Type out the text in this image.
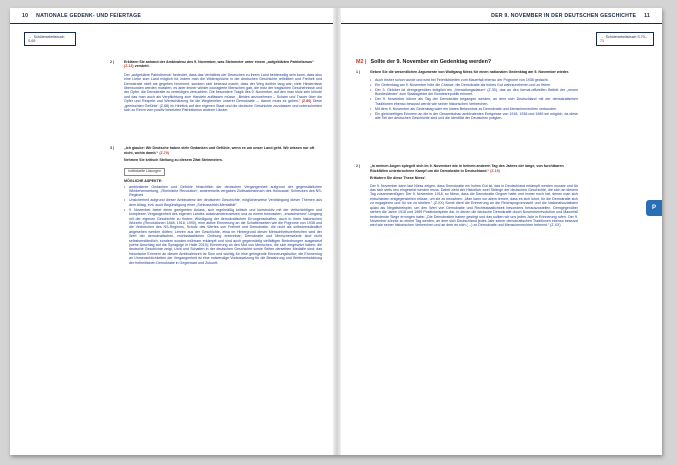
10 NATIONALE GEDENK- UND FEIERTAGE	DER 9. NOVEMBER IN DER DEUTSCHEN GESCHICHTE 11
→ Schülerarbeitsbuch S.69
→ Schülerarbeitsbuch S.70–71
2 |	Erklären Sie anhand der Ambivalenz des 9. November, was Steinmeier unter einem „aufgeklärten Patriotismus“ (Z.13) versteht.
Der „aufgeklärte Patriotismus“ bedeutet, dass das Verhältnis der Deutschen zu ihrem Land beiderseitig sein kann, dass also eine Liebe zum Land möglich ist, indem man die Widersprüche in der deutschen Geschichte reflektiert und Freiheit und Demokratie nicht als gegeben hinnimmt, sondern sich bewusst macht, dass der Weg dorthin lang war; viele Hindernisse überwunden werden mussten, es aber immer wieder couragierte Menschen gab, die trotz der tragischen Geschehnisse und der Opfer, die Demokratie zu verteidigen versuchten. Die besondere Tragik des 9. November, auf den man stolz sein könnte und das man auch als Verpflichtung zum Handeln auffassen müsse, „Beides anzunehmen – Scham und Trauer über die Opfer und Respekt und Wertschätzung für die Wegbereiter unserer Demokratie –, darum muss es gehen.“ (Z.86) Diese „gemischten Gefühle“ (Z.88) im Hinblick auf den eigenen Staat und die deutsche Geschichte zuzulassen und unterscheiden sich zu Recht vom positiv besetzten Patriotismus anderer Länder.
3 |	„Ich glaube: Wir Deutsche haben viele Gedanken und Gefühle, wenn es um unser Land geht. Wir wissen nur oft nicht, wohin damit.“ (Z.79)
Nehmen Sie kritisch Stellung zu diesem Zitat Steinmeiers.
Individuelle Lösungen
MÖGLICHE ASPEKTE:
• ambivalente Gedanken und Gefühle hinsichtlich der deutschen Vergangenheit aufgrund der gegensätzlichen Wiederverwertung, „Rheinliche Revolution“, andererseits vergaben Zivilisationsbruch des Holocaust, Schrecken des NS-Regimes
• Unsicherheit aufgrund dieser Ambivalenz der deutschen Geschichte, möglicherweise Verdrängung dieser Themen aus dem Alltag, evtl. auch Begünstigung einer „Schlussstrich-Mentalität“
• 9. November bietet einen geeigneten Anlass, sich regelmäßig kritisch und konstruktiv mit der vielschichtigen und komplexen Vergangenheit des eigenen Landes auseinanderzusetzen und zu einem bewussten, „erwachsenen“ Umgang mit der eigenen Geschichte zu finden; Würdigung der demokratischen Errungenschaften, auch in ihren historischen Wurzeln (Revolutionen 1848, 1918, 1990), eine aktive Erinnerung an die Schattenseiten wie die Pogrome von 1938 und die Verbrechen des NS-Regimes, Schutz des Wertes von Freiheit und Demokratie, die nicht als selbstverständlich angesehen werden dürfen; Lehren aus der Geschichte, etwa im Hintergrund dieser Menschheitsverbrechen wird der Wert der demokratischen, rechtsstaatlichen Ordnung erkennbar; Demokratie und Menschenwürde sind nicht selbstverständlich, sondern wurden mühsam erkämpft und sind auch gegenwärtig vielfältigen Bedrohungen ausgesetzt (siehe Anschlag auf die Synagoge in Halle 2019); Erinnerung an den Mut von Menschen, die sich eingesetzt haben; die deutsche Geschichte zeigt, Licht und Schatten in der deutschen Geschichte sowie Seiten derselben Medaille sind; das historische Erinnern an diesen Ambivalenzen ist Sinn und wichtig für eine gelingende Erinnerungskultur; die Erinnerung an Unmenschlichkeiten der Vergangenheit ist eine notwendige Voraussetzung für die Bewahrung und Weiterentwicklung der freiheitlichen Demokratie in Gegenwart und Zukunft.
M2 | Sollte der 9. November ein Gedenktag werden?
1 |	Geben Sie die wesentlichen Argumente von Wolfgang Niess für einen nationalen Gedenktag am 9. November wieder.
• Auch bisher schon wurde und wird bei Feierlichkeiten zum Mauerfall ebenso der Pogrome von 1938 gedacht.
• Ein Gedenktag am 9. November böte die Chance, die Demokratie als hohes Gut wahrzunehmen und zu feiern.
• Der 3. Oktober ist demgegenüber lediglich ein „Verwaltungsdatum“ (Z.30), das an den formal-offiziellen Beitritt der „neuen Bundesländer“ zum Staatsgebiet der Bundesrepublik erinnert.
• Der 9. November könne als Tag der Demokratie begangen werden, an dem sich Deutschland mit der demokratischen Traditionen ebenso bewusst werde wie seiner historischen Verbrechen.
• Mit dem 9. November als Gedenktag wäre ein klares Bekenntnis zu Demokratie und Menschenrechten verbunden.
• Ein gleichzeitiges Erinnern an die in der Gesamtschau ambivalenten Ereignisse von 1918, 1938 und 1989 sei möglich, da diese alle Teil der deutschen Geschichte sind und die Identität der Deutschen prägten.
2 |	„In meinen Augen spiegelt sich im 9. November wie in keinem anderen Tag des Jahres der lange, von furchtbaren Rückfällen unterbrochene Kampf um die Demokratie in Deutschland.“ (Z.19)
Erläutern Sie diese These Niess’.
Der 9. November kann laut Niess zeigen, dass Demokratie ein hohes Gut ist, das in Deutschland erkämpft werden musste und für das sich stets neu eingesetzt werden muss. Dabei zieht der Historiker zwei Stränge der deutschen Geschichte, die sich an diesem Tag zusammenfügen: Der 9. November 1918, so Niess, dass die Demokratie Gegner hatte und immer noch hat, denen man sich entschieden entgegenstellen müsse, um sie zu bewahren: „Man kann vor allem lernen, dass es sich lohnt, für die Demokratie sich zu engagieren und für sie zu streiten.“ (Z.XX) Somit dient die Erinnerung an die Reichspogromnacht und die Nationalsozialisten quasi als Negativbeispiel, um den Wert von Demokratie und Rechtsstaatlichkeit besonders herauszustellen. Demgegenüber stehen die Jahre 1918 und 1989 Positivbeispiele dar, in denen die deutsche Demokratie durch Novemberrevolution und Mauerfall bedeutende Siege errungen habe: „Die Demokratien haben gesiegt und das sollten wir uns jedes Jahr in Erinnerung rufen. Der 9. November könnte zu einem Tag werden, an dem sich Deutschland jedes Jahr seiner demokratischen Traditionen ebenso bewusst wird wie seiner historischen Verbrechen und an dem es sich (…) zu Demokratie und Menschenrechten bekennt.“ (Z.XX)
P
